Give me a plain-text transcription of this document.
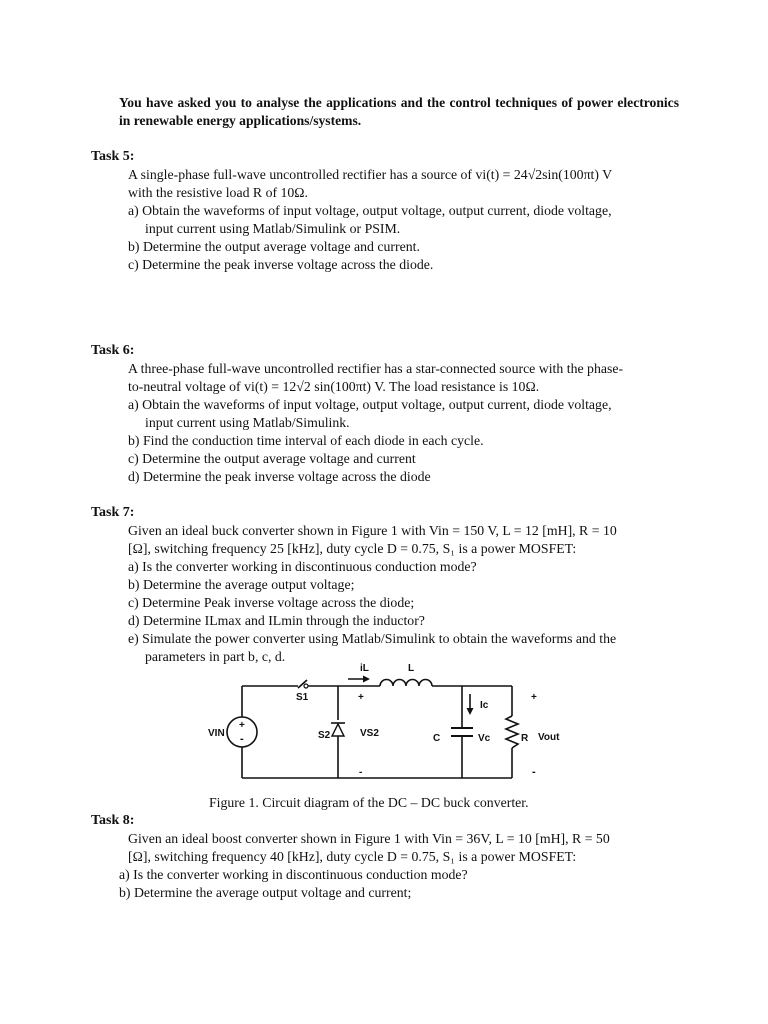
You have asked you to analyse the applications and the control techniques of power electronics in renewable energy applications/systems.
Task 5:
A single-phase full-wave uncontrolled rectifier has a source of vi(t) = 24√2sin(100πt) V
with the resistive load R of 10Ω.
a) Obtain the waveforms of input voltage, output voltage, output current, diode voltage,
input current using Matlab/Simulink or PSIM.
b) Determine the output average voltage and current.
c) Determine the peak inverse voltage across the diode.
Task 6:
A three-phase full-wave uncontrolled rectifier has a star-connected source with the phase-
to-neutral voltage of vi(t) = 12√2 sin(100πt) V. The load resistance is 10Ω.
a) Obtain the waveforms of input voltage, output voltage, output current, diode voltage,
input current using Matlab/Simulink.
b) Find the conduction time interval of each diode in each cycle.
c) Determine the output average voltage and current
d) Determine the peak inverse voltage across the diode
Task 7:
Given an ideal buck converter shown in Figure 1 with Vin = 150 V, L = 12 [mH], R = 10
[Ω], switching frequency 25 [kHz], duty cycle D = 0.75, S₁ is a power MOSFET:
a) Is the converter working in discontinuous conduction mode?
b) Determine the average output voltage;
c) Determine Peak inverse voltage across the diode;
d) Determine ILmax and ILmin through the inductor?
e) Simulate the power converter using Matlab/Simulink to obtain the waveforms and the
parameters in part b, c, d.
iL	L
S1	+
VIN
+
-	S2	VS2
-
Ic
C	Vc	R Vout
+
-
Figure 1. Circuit diagram of the DC – DC buck converter.
Task 8:
Given an ideal boost converter shown in Figure 1 with Vin = 36V, L = 10 [mH], R = 50
[Ω], switching frequency 40 [kHz], duty cycle D = 0.75, S₁ is a power MOSFET:
a) Is the converter working in discontinuous conduction mode?
b) Determine the average output voltage and current;
